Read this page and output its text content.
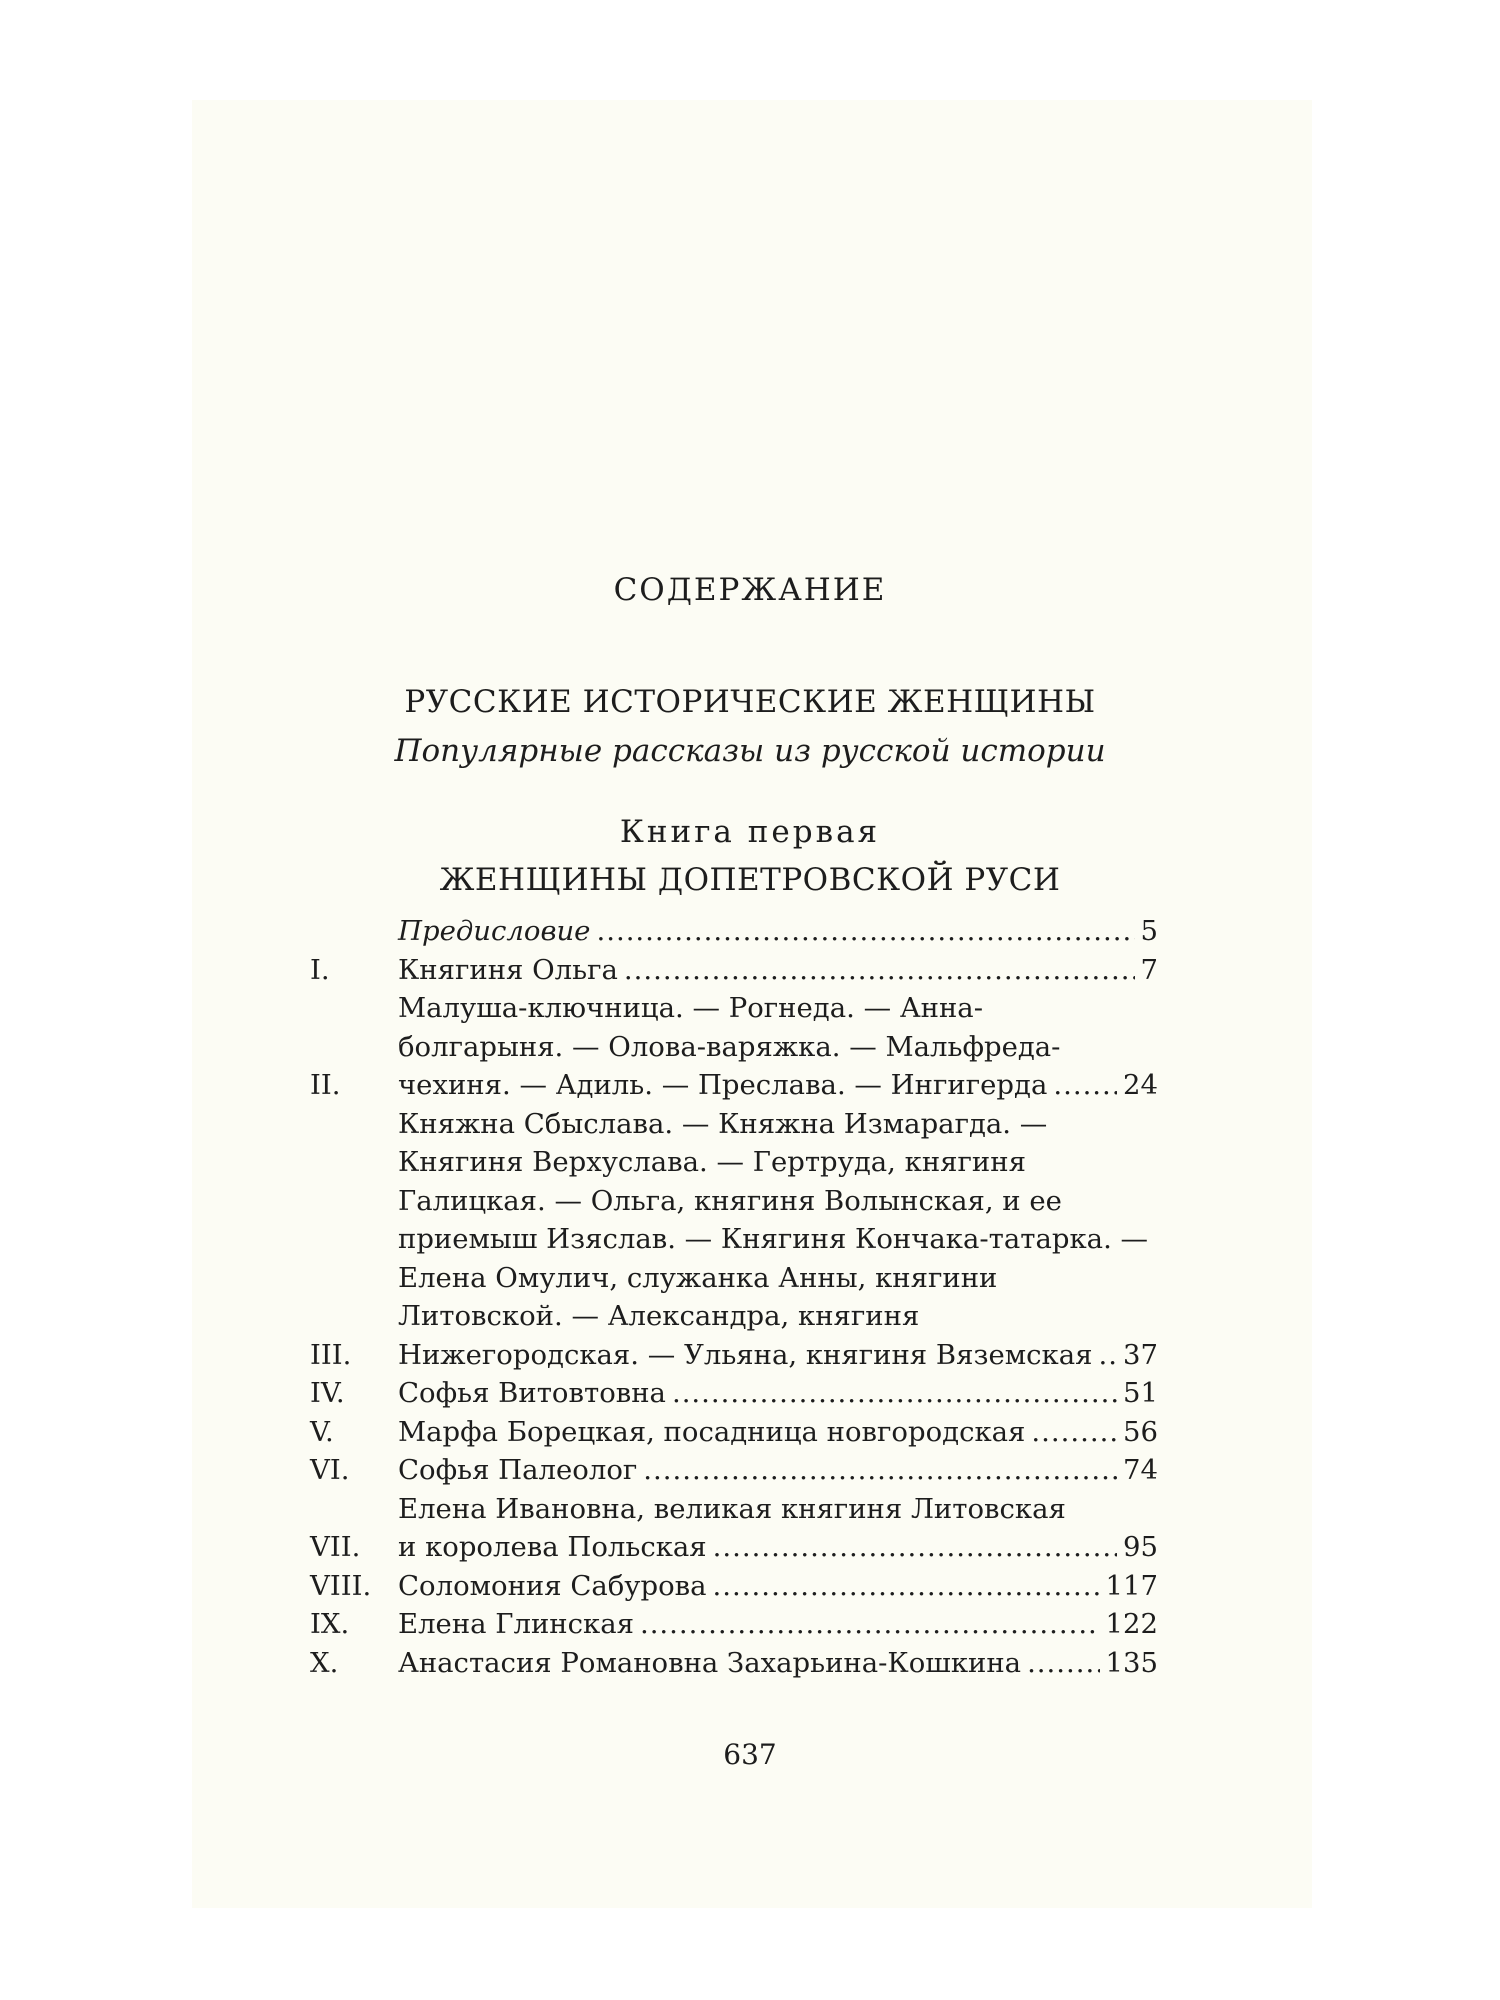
СОДЕРЖАНИЕ
РУССКИЕ ИСТОРИЧЕСКИЕ ЖЕНЩИНЫ
Популярные рассказы из русской истории
Книга первая
ЖЕНЩИНЫ ДОПЕТРОВСКОЙ РУСИ
Предисловие .....	5
I.	Княгиня Ольга .....	7
II.
Малуша-ключница. — Рогнеда. — Анна-
болгарыня. — Олова-варяжка. — Мальфреда-
чехиня. — Адиль. — Преслава. — Ингигерда .....	24
III.
Княжна Сбыслава. — Княжна Измарагда. —
Княгиня Верхуслава. — Гертруда, княгиня
Галицкая. — Ольга, княгиня Волынская, и ее
приемыш Изяслав. — Княгиня Кончака-татарка. —
Елена Омулич, служанка Анны, княгини
Литовской. — Александра, княгиня
Нижегородская. — Ульяна, княгиня Вяземская ..... 37
IV.	Софья Витовтовна .....	51
V.	Марфа Борецкая, посадница новгородская .....	56
VI.	Софья Палеолог .....	74
VII.
Елена Ивановна, великая княгиня Литовская
и королева Польская .....	95
VIII. Соломония Сабурова .....	117
IX.	Елена Глинская .....	122
X.	Анастасия Романовна Захарьина-Кошкина .....	135
637
